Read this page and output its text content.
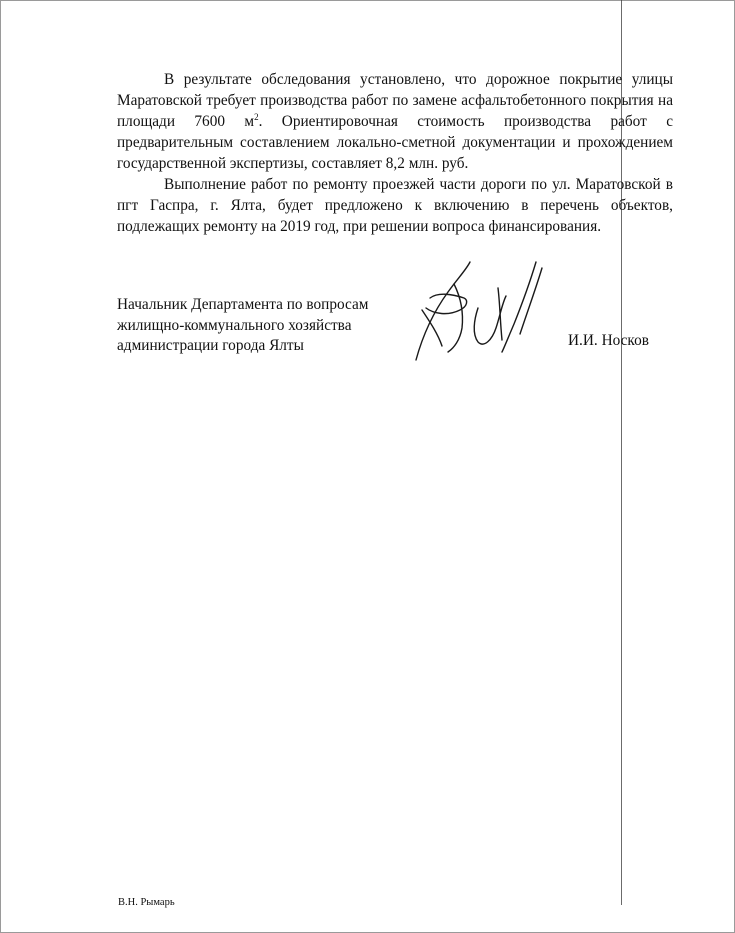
В результате обследования установлено, что дорожное покрытие улицы Маратовской требует производства работ по замене асфальтобетонного покрытия на площади 7600 $м^2$. Ориентировочная стоимость производства работ с предварительным составлением локально-сметной документации и прохождением государственной экспертизы, составляет 8,2 млн. руб.

Выполнение работ по ремонту проезжей части дороги по ул. Маратовской в пгт Гаспра, г. Ялта, будет предложено к включению в перечень объектов, подлежащих ремонту на 2019 год, при решении вопроса финансирования.

Начальник Департамента по вопросам
жилищно-коммунального хозяйства
администрации города Ялты	И.И. Носков
В.Н. Рымарь
